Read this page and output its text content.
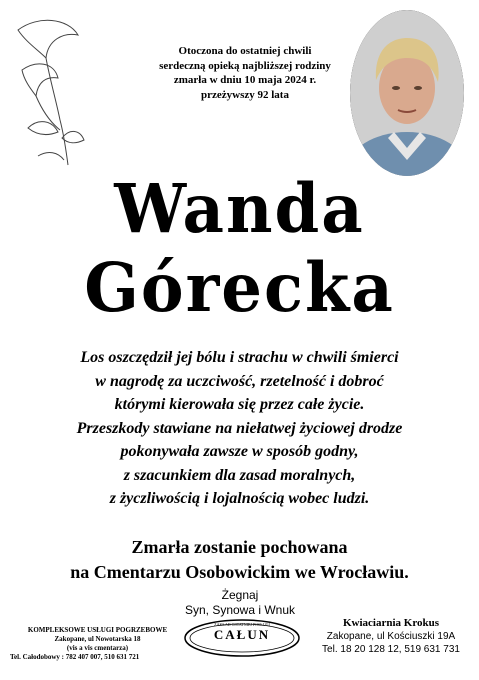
Otoczona do ostatniej chwili
serdeczną opieką najbliższej rodziny
zmarła w dniu 10 maja 2024 r.
przeżywszy 92 lata
Wanda
Górecka
Los oszczędził jej bólu i strachu w chwili śmierci
w nagrodę za uczciwość, rzetelność i dobroć
którymi kierowała się przez całe życie.
Przeszkody stawiane na niełatwej życiowej drodze
pokonywała zawsze w sposób godny,
z szacunkiem dla zasad moralnych,
z życzliwością i lojalnością wobec ludzi.
Zmarła zostanie pochowana
na Cmentarzu Osobowickim we Wrocławiu.
Żegnaj
Syn, Synowa i Wnuk
KOMPLEKSOWE USŁUGI POGRZEBOWE
Zakopane, ul Nowotarska 18
(vis a vis cmentarza)
Tel. Całodobowy : 782 407 007, 510 631 721
ZAKŁAD OSTATNIEJ POSŁUGI
CAŁUN
Kwiaciarnia Krokus
Zakopane, ul Kościuszki 19A
Tel. 18 20 128 12, 519 631 731
